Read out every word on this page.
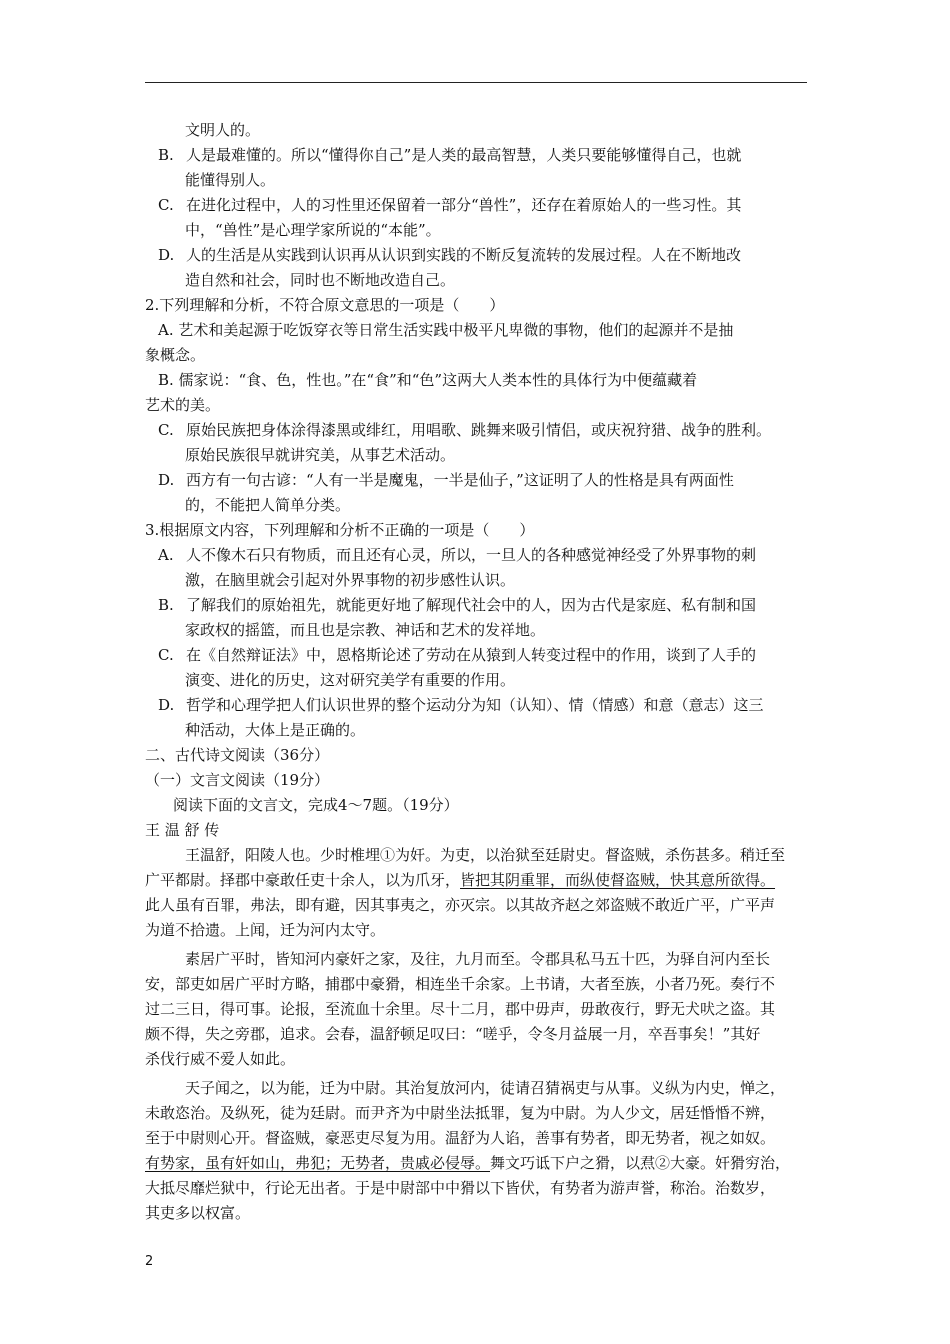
文明人的。
B. 人是最难懂的。所以“懂得你自己”是人类的最高智慧，人类只要能够懂得自己，也就
能懂得别人。
C. 在进化过程中，人的习性里还保留着一部分“兽性”，还存在着原始人的一些习性。其
中，“兽性”是心理学家所说的“本能”。
D. 人的生活是从实践到认识再从认识到实践的不断反复流转的发展过程。人在不断地改
造自然和社会，同时也不断地改造自己。
2.下列理解和分析，不符合原文意思的一项是（　　）
A. 艺术和美起源于吃饭穿衣等日常生活实践中极平凡卑微的事物，他们的起源并不是抽
象概念。
B. 儒家说：“食、色，性也。”在“食”和“色”这两大人类本性的具体行为中便蕴藏着
艺术的美。
C. 原始民族把身体涂得漆黑或绯红，用唱歌、跳舞来吸引情侣，或庆祝狩猎、战争的胜利。
原始民族很早就讲究美，从事艺术活动。
D. 西方有一句古谚：“人有一半是魔鬼，一半是仙子，”这证明了人的性格是具有两面性
的，不能把人简单分类。
3.根据原文内容，下列理解和分析不正确的一项是（　　）
A. 人不像木石只有物质，而且还有心灵，所以，一旦人的各种感觉神经受了外界事物的刺
激，在脑里就会引起对外界事物的初步感性认识。
B. 了解我们的原始祖先，就能更好地了解现代社会中的人，因为古代是家庭、私有制和国
家政权的摇篮，而且也是宗教、神话和艺术的发祥地。
C. 在《自然辩证法》中，恩格斯论述了劳动在从猿到人转变过程中的作用，谈到了人手的
演变、进化的历史，这对研究美学有重要的作用。
D. 哲学和心理学把人们认识世界的整个运动分为知（认知）、情（情感）和意（意志）这三
种活动，大体上是正确的。
二、古代诗文阅读（36分）
（一）文言文阅读（19分）
阅读下面的文言文，完成4～7题。（19分）
王 温 舒 传
王温舒，阳陵人也。少时椎埋①为奸。为吏，以治狱至廷尉史。督盗贼，杀伤甚多。稍迁至
广平都尉。择郡中豪敢任吏十余人，以为爪牙，皆把其阴重罪，而纵使督盗贼，快其意所欲得。
此人虽有百罪，弗法，即有避，因其事夷之，亦灭宗。以其故齐赵之郊盗贼不敢近广平，广平声
为道不拾遗。上闻，迁为河内太守。
素居广平时，皆知河内豪奸之家，及往，九月而至。令郡具私马五十匹，为驿自河内至长
安，部吏如居广平时方略，捕郡中豪猾，相连坐千余家。上书请，大者至族，小者乃死。奏行不
过二三日，得可事。论报，至流血十余里。尽十二月，郡中毋声，毋敢夜行，野无犬吠之盗。其
颇不得，失之旁郡，追求。会春，温舒顿足叹曰：“嗟乎，令冬月益展一月，卒吾事矣！”其好
杀伐行威不爱人如此。
天子闻之，以为能，迁为中尉。其治复放河内，徒请召猜祸吏与从事。义纵为内史，惮之，
未敢恣治。及纵死，徒为廷尉。而尹齐为中尉坐法抵罪，复为中尉。为人少文，居廷惛惛不辨，
至于中尉则心开。督盗贼，豪恶吏尽复为用。温舒为人谄，善事有势者，即无势者，视之如奴。
有势家，虽有奸如山，弗犯；无势者，贵戚必侵辱。舞文巧诋下户之猾，以焄②大豪。奸猾穷治，
大抵尽靡烂狱中，行论无出者。于是中尉部中中猾以下皆伏，有势者为游声誉，称治。治数岁，
其吏多以权富。
2
